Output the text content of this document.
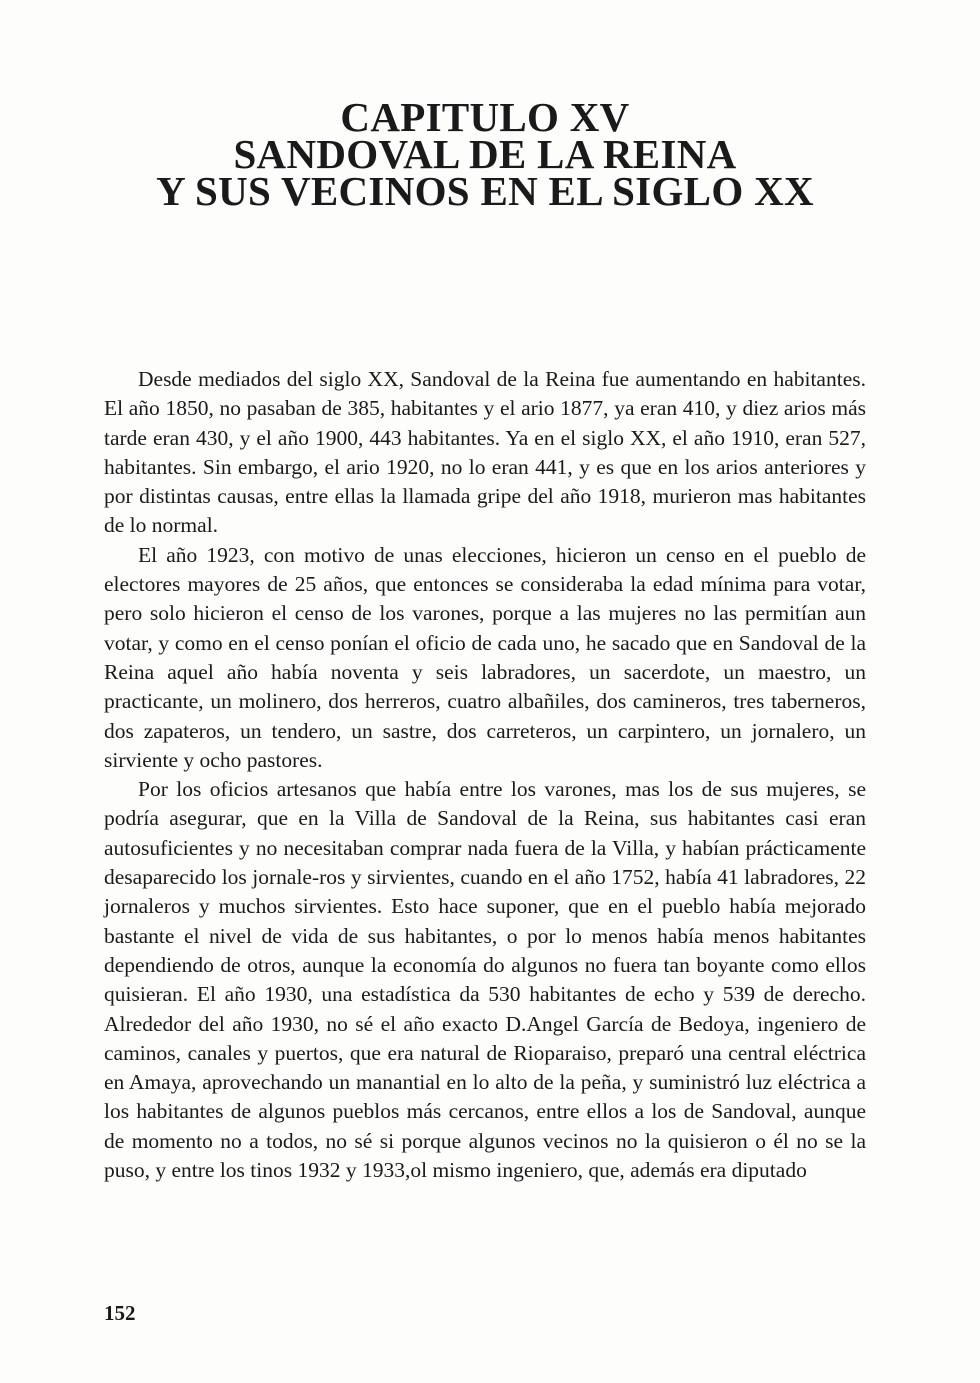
CAPITULO XV
SANDOVAL DE LA REINA
Y SUS VECINOS EN EL SIGLO XX

Desde mediados del siglo XX, Sandoval de la Reina fue aumentando en habitantes. El año 1850, no pasaban de 385, habitantes y el ario 1877, ya eran 410, y diez arios más tarde eran 430, y el año 1900, 443 habitantes. Ya en el siglo XX, el año 1910, eran 527, habitantes. Sin embargo, el ario 1920, no lo eran 441, y es que en los arios anteriores y por distintas causas, entre ellas la llamada gripe del año 1918, murieron mas habitantes de lo normal.

El año 1923, con motivo de unas elecciones, hicieron un censo en el pueblo de electores mayores de 25 años, que entonces se consideraba la edad mínima para votar, pero solo hicieron el censo de los varones, porque a las mujeres no las permitían aun votar, y como en el censo ponían el oficio de cada uno, he sacado que en Sandoval de la Reina aquel año había noventa y seis labradores, un sacerdote, un maestro, un practicante, un molinero, dos herreros, cuatro albañiles, dos camineros, tres taberneros, dos zapateros, un tendero, un sastre, dos carreteros, un carpintero, un jornalero, un sirviente y ocho pastores.

Por los oficios artesanos que había entre los varones, mas los de sus mujeres, se podría asegurar, que en la Villa de Sandoval de la Reina, sus habitantes casi eran autosuficientes y no necesitaban comprar nada fuera de la Villa, y habían prácticamente desaparecido los jornale-ros y sirvientes, cuando en el año 1752, había 41 labradores, 22 jornaleros y muchos sirvientes. Esto hace suponer, que en el pueblo había mejorado bastante el nivel de vida de sus habitantes, o por lo menos había menos habitantes dependiendo de otros, aunque la economía do algunos no fuera tan boyante como ellos quisieran. El año 1930, una estadística da 530 habitantes de echo y 539 de derecho. Alrededor del año 1930, no sé el año exacto D.Angel García de Bedoya, ingeniero de caminos, canales y puertos, que era natural de Rioparaiso, preparó una central eléctrica en Amaya, aprovechando un manantial en lo alto de la peña, y suministró luz eléctrica a los habitantes de algunos pueblos más cercanos, entre ellos a los de Sandoval, aunque de momento no a todos, no sé si porque algunos vecinos no la quisieron o él no se la puso, y entre los tinos 1932 y 1933,ol mismo ingeniero, que, además era diputado

152
